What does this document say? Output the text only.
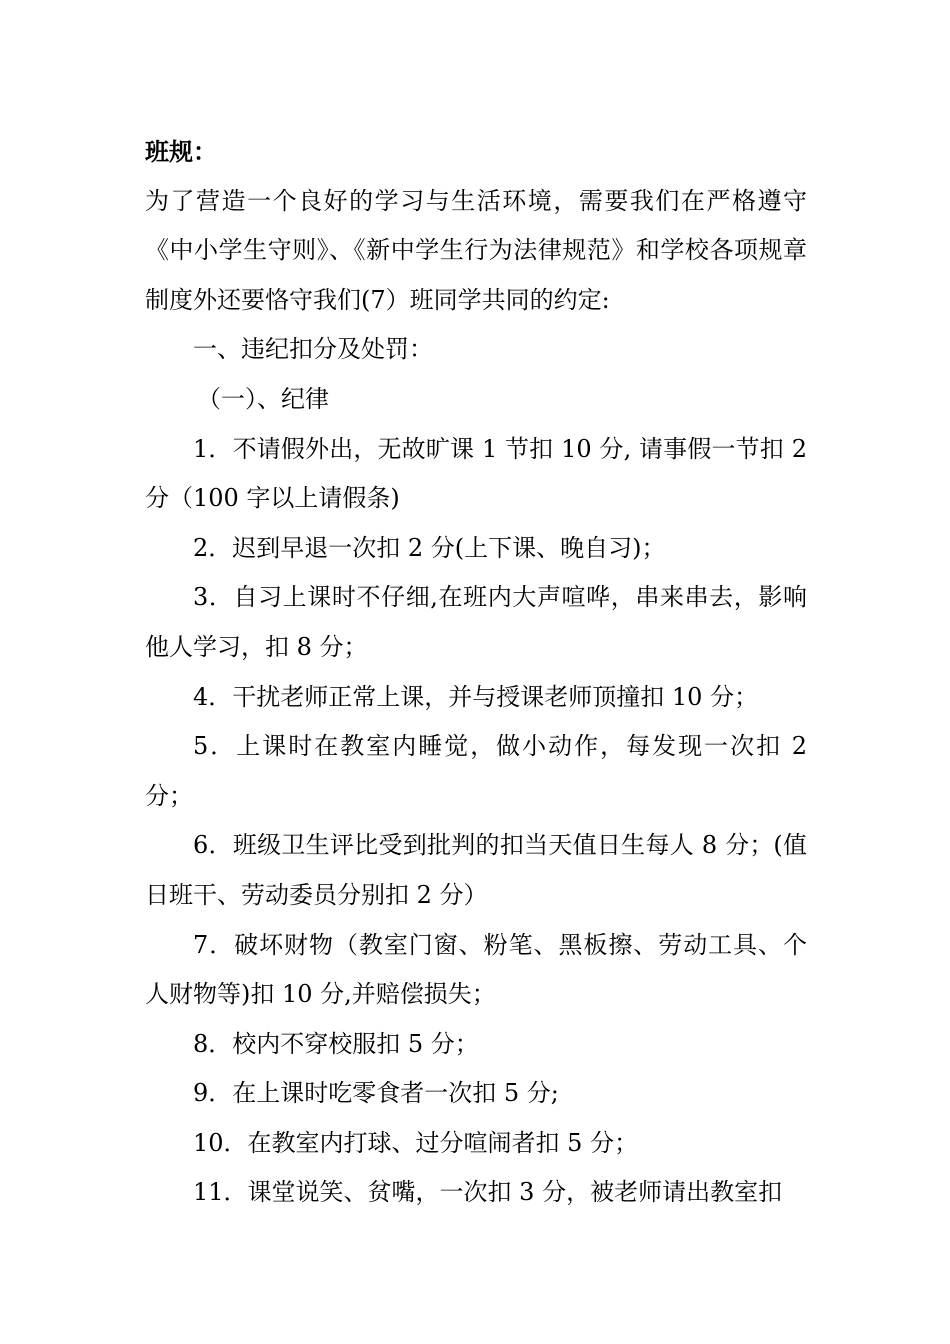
班规：

为了营造一个良好的学习与生活环境，需要我们在严格遵守《中小学生守则》、《新中学生行为法律规范》和学校各项规章制度外还要恪守我们(7）班同学共同的约定:

一、违纪扣分及处罚：

（一）、纪律

1．不请假外出，无故旷课 1 节扣 10 分, 请事假一节扣 2 分（100 字以上请假条)

2．迟到早退一次扣 2 分(上下课、晚自习)；

3．自习上课时不仔细,在班内大声喧哗，串来串去，影响他人学习，扣 8 分；

4．干扰老师正常上课，并与授课老师顶撞扣 10 分；

5．上课时在教室内睡觉，做小动作，每发现一次扣 2 分；

6．班级卫生评比受到批判的扣当天值日生每人 8 分；(值日班干、劳动委员分别扣 2 分）

7．破坏财物（教室门窗、粉笔、黑板擦、劳动工具、个人财物等)扣 10 分,并赔偿损失；

8．校内不穿校服扣 5 分；

9．在上课时吃零食者一次扣 5 分;

10．在教室内打球、过分喧闹者扣 5 分；

11．课堂说笑、贫嘴，一次扣 3 分，被老师请出教室扣
